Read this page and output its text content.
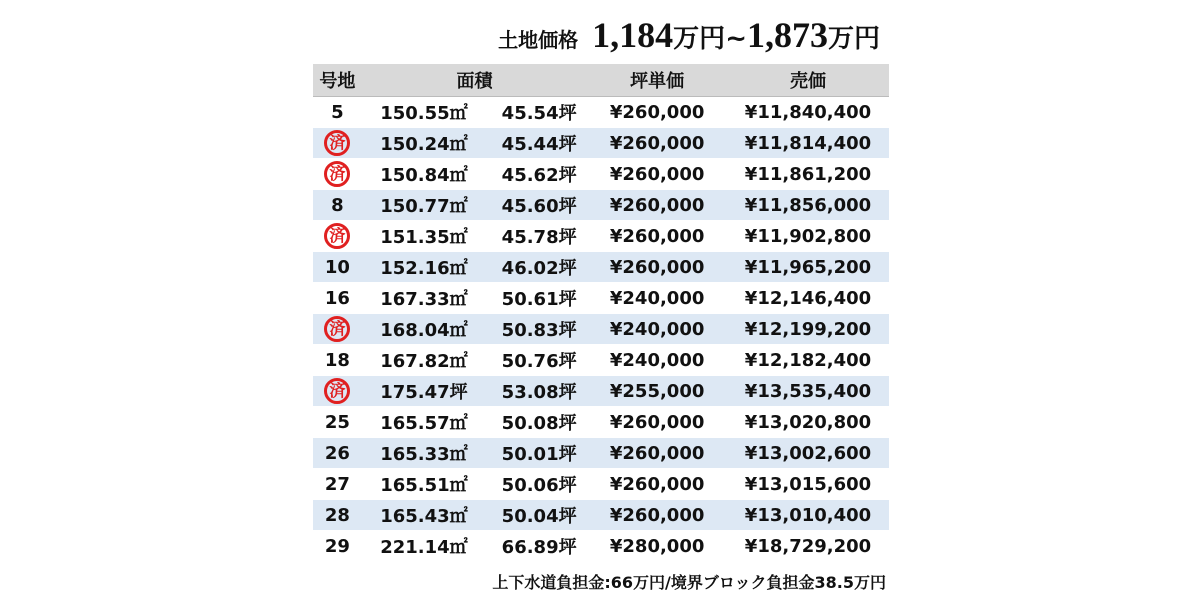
土地価格 1,184万円~1,873万円
号地	面積		坪単価	売価
5	150.55㎡	45.54坪	¥260,000	¥11,840,400
済	150.24㎡	45.44坪	¥260,000	¥11,814,400
済	150.84㎡	45.62坪	¥260,000	¥11,861,200
8	150.77㎡	45.60坪	¥260,000	¥11,856,000
済	151.35㎡	45.78坪	¥260,000	¥11,902,800
10	152.16㎡	46.02坪	¥260,000	¥11,965,200
16	167.33㎡	50.61坪	¥240,000	¥12,146,400
済	168.04㎡	50.83坪	¥240,000	¥12,199,200
18	167.82㎡	50.76坪	¥240,000	¥12,182,400
済	175.47坪	53.08坪	¥255,000	¥13,535,400
25	165.57㎡	50.08坪	¥260,000	¥13,020,800
26	165.33㎡	50.01坪	¥260,000	¥13,002,600
27	165.51㎡	50.06坪	¥260,000	¥13,015,600
28	165.43㎡	50.04坪	¥260,000	¥13,010,400
29	221.14㎡	66.89坪	¥280,000	¥18,729,200
上下水道負担金:66万円/境界ブロック負担金38.5万円
